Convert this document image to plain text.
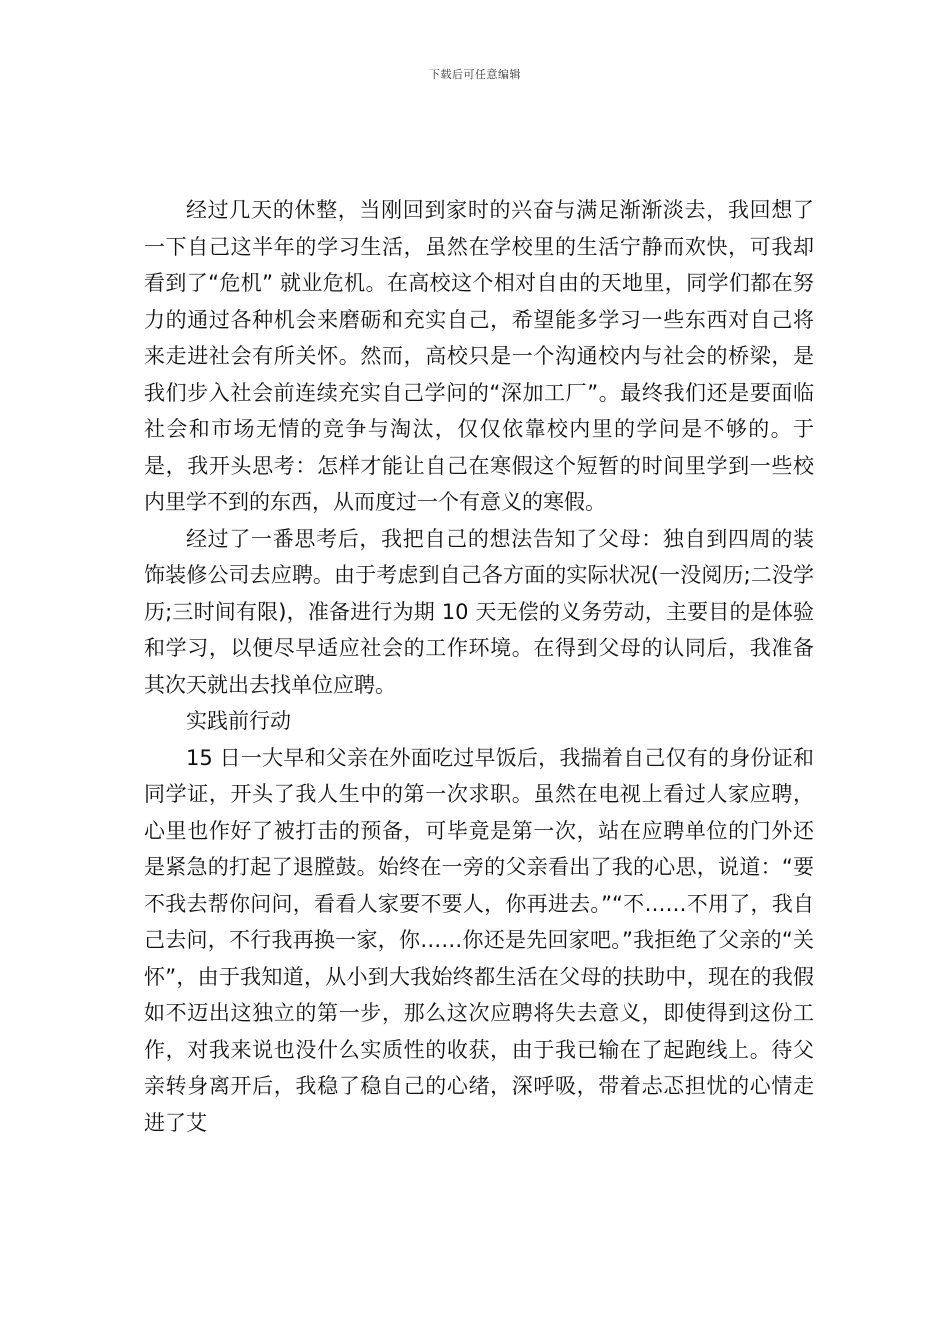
下载后可任意编辑

经过几天的休整，当刚回到家时的兴奋与满足渐渐淡去，我回想了一下自己这半年的学习生活，虽然在学校里的生活宁静而欢快，可我却看到了“危机” 就业危机。在高校这个相对自由的天地里，同学们都在努力的通过各种机会来磨砺和充实自己，希望能多学习一些东西对自己将来走进社会有所关怀。然而，高校只是一个沟通校内与社会的桥梁，是我们步入社会前连续充实自己学问的“深加工厂”。最终我们还是要面临社会和市场无情的竞争与淘汰，仅仅依靠校内里的学问是不够的。于是，我开头思考：怎样才能让自己在寒假这个短暂的时间里学到一些校内里学不到的东西，从而度过一个有意义的寒假。

经过了一番思考后，我把自己的想法告知了父母：独自到四周的装饰装修公司去应聘。由于考虑到自己各方面的实际状况(一没阅历;二没学历;三时间有限)，准备进行为期 10 天无偿的义务劳动，主要目的是体验和学习，以便尽早适应社会的工作环境。在得到父母的认同后，我准备其次天就出去找单位应聘。

实践前行动

15 日一大早和父亲在外面吃过早饭后，我揣着自己仅有的身份证和同学证，开头了我人生中的第一次求职。虽然在电视上看过人家应聘，心里也作好了被打击的预备，可毕竟是第一次，站在应聘单位的门外还是紧急的打起了退膛鼓。始终在一旁的父亲看出了我的心思，说道：“要不我去帮你问问，看看人家要不要人，你再进去。”“不……不用了，我自己去问，不行我再换一家，你……你还是先回家吧。”我拒绝了父亲的“关怀”，由于我知道，从小到大我始终都生活在父母的扶助中，现在的我假如不迈出这独立的第一步，那么这次应聘将失去意义，即使得到这份工作，对我来说也没什么实质性的收获，由于我已输在了起跑线上。待父亲转身离开后，我稳了稳自己的心绪，深呼吸，带着忐忑担忧的心情走进了艾
